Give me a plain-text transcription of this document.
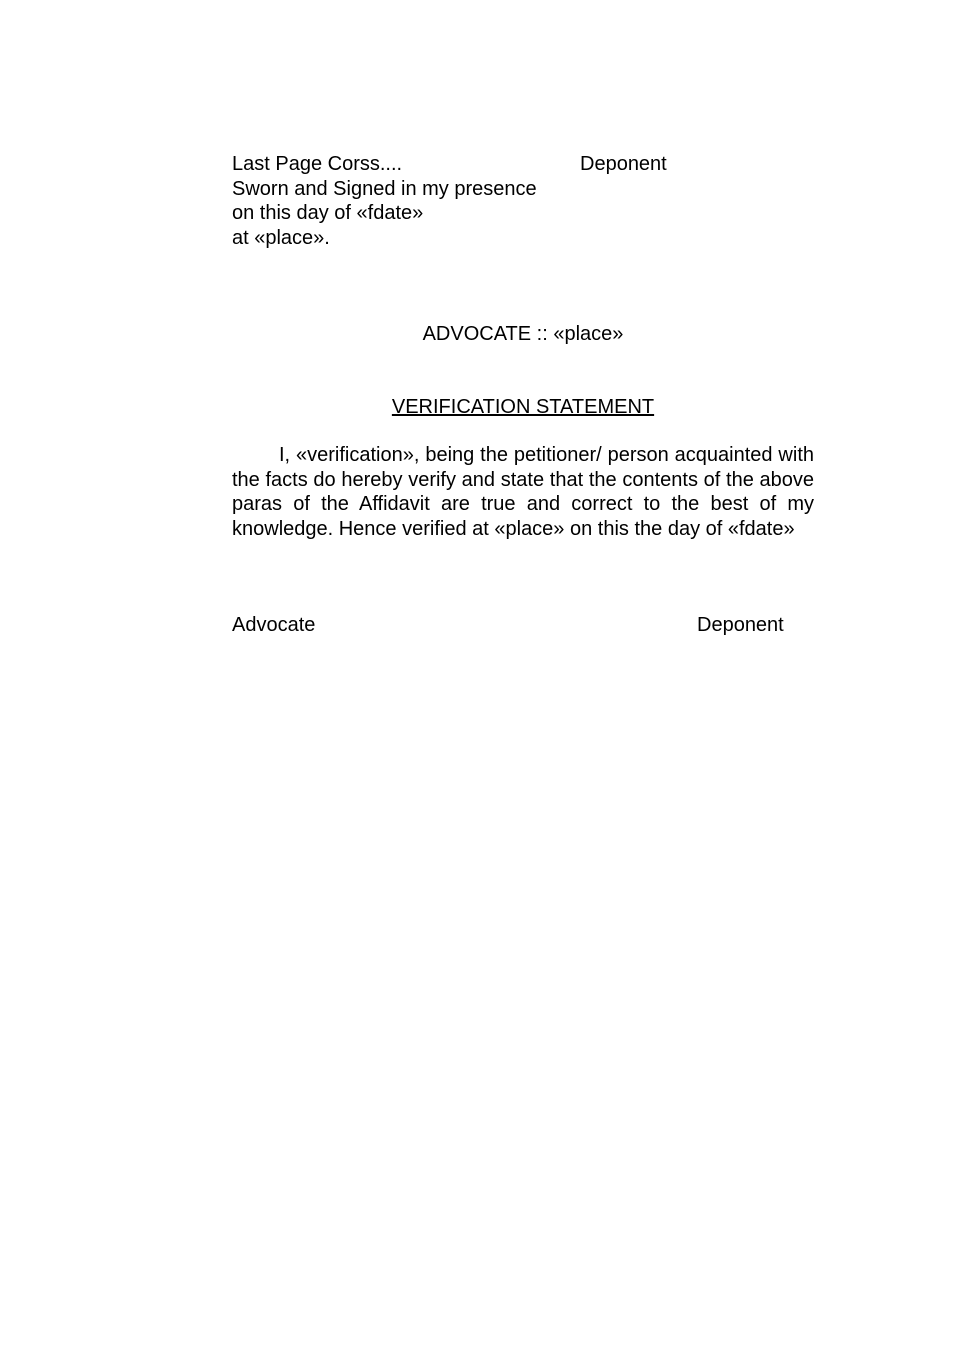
Last Page Corss....
Sworn and Signed in my presence
on this day of «fdate»
at «place».
Deponent
ADVOCATE :: «place»
VERIFICATION STATEMENT
I, «verification», being the petitioner/ person acquainted with the facts do hereby verify and state that the contents of the above paras of the Affidavit are true and correct to the best of my knowledge. Hence verified at «place» on this the day of «fdate»
Advocate	Deponent
